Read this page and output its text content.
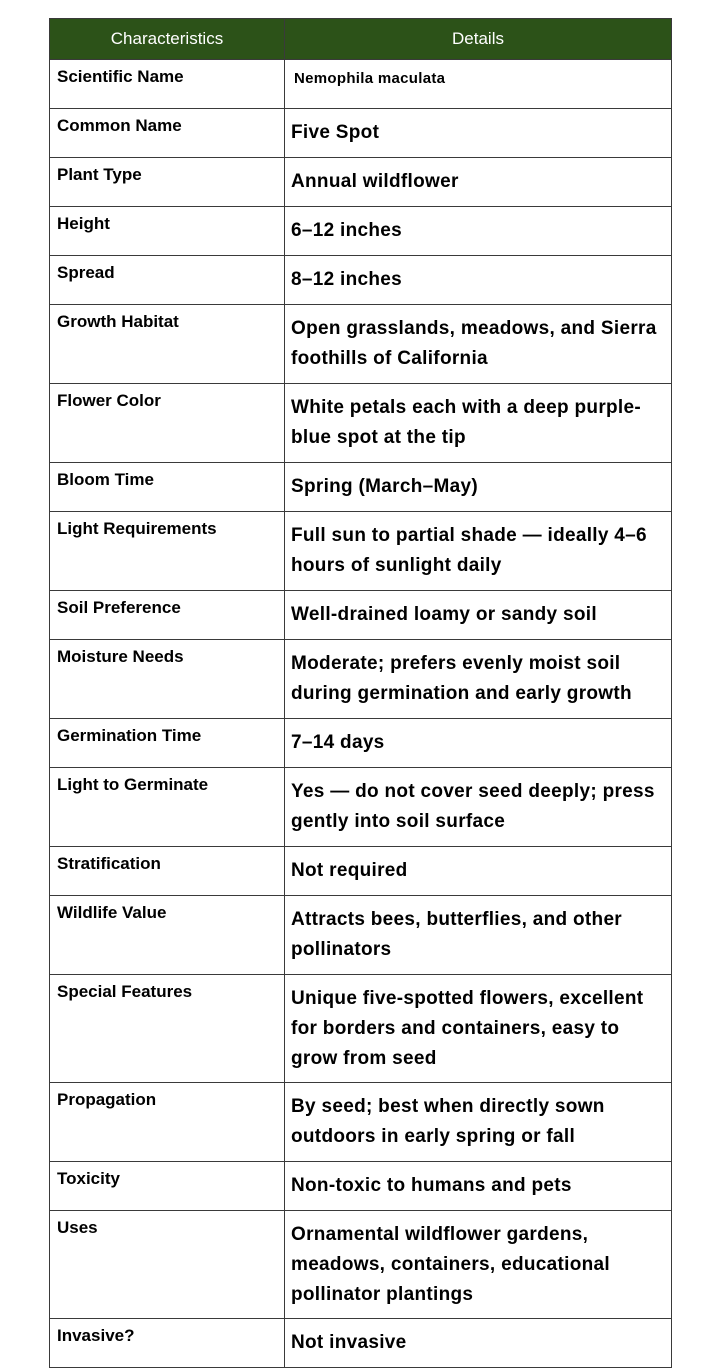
Characteristics	Details
Scientific Name	Nemophila maculata
Common Name	Five Spot
Plant Type	Annual wildflower
Height	6–12 inches
Spread	8–12 inches
Growth Habitat	Open grasslands, meadows, and Sierra foothills of California
Flower Color	White petals each with a deep purple-blue spot at the tip
Bloom Time	Spring (March–May)
Light Requirements	Full sun to partial shade — ideally 4–6 hours of sunlight daily
Soil Preference	Well-drained loamy or sandy soil
Moisture Needs	Moderate; prefers evenly moist soil during germination and early growth
Germination Time	7–14 days
Light to Germinate	Yes — do not cover seed deeply; press gently into soil surface
Stratification	Not required
Wildlife Value	Attracts bees, butterflies, and other pollinators
Special Features	Unique five-spotted flowers, excellent for borders and containers, easy to grow from seed
Propagation	By seed; best when directly sown outdoors in early spring or fall
Toxicity	Non-toxic to humans and pets
Uses	Ornamental wildflower gardens, meadows, containers, educational pollinator plantings
Invasive?	Not invasive
